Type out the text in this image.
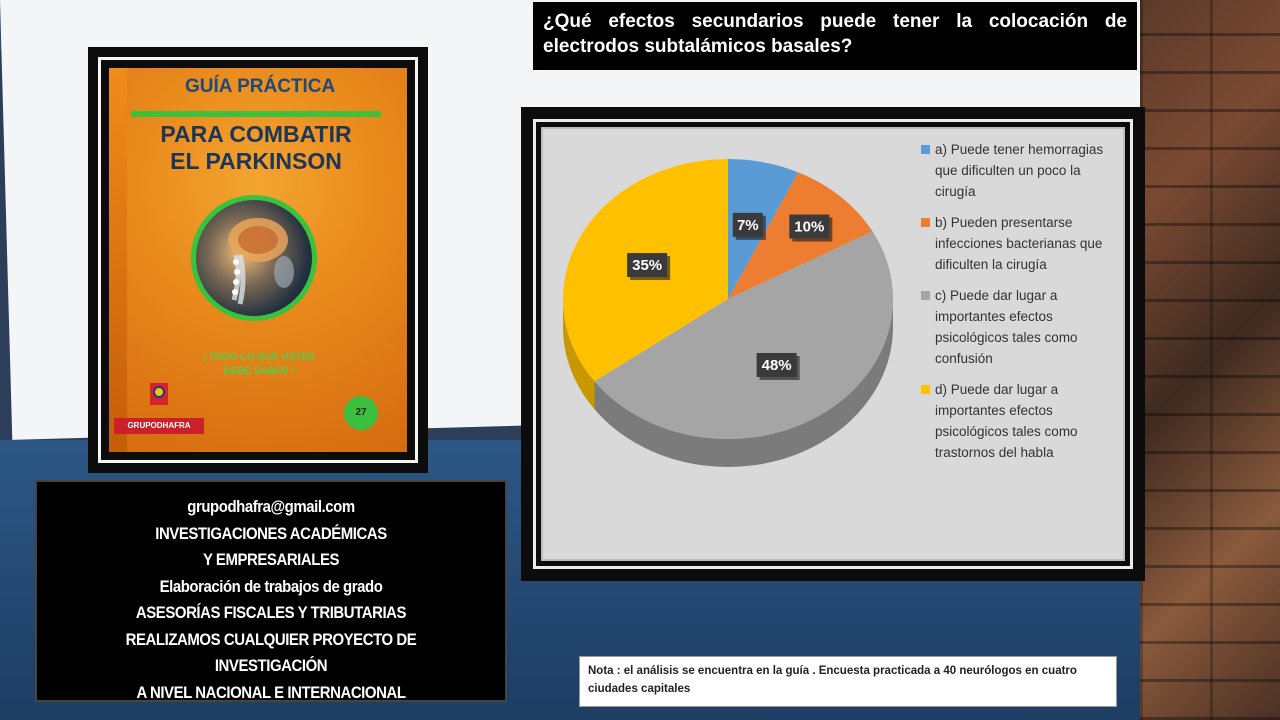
¿Qué efectos secundarios puede tener la colocación de electrodos subtalámicos basales?
GUÍA PRÁCTICA
PARA COMBATIR
EL PARKINSON
¡ TODO LO QUE USTED DEBE SABER !
GRUPODHAFRA
27
grupodhafra@gmail.com
INVESTIGACIONES ACADÉMICAS
Y EMPRESARIALES
Elaboración de trabajos de grado
ASESORÍAS FISCALES Y TRIBUTARIAS
REALIZAMOS CUALQUIER PROYECTO DE INVESTIGACIÓN
A NIVEL NACIONAL E INTERNACIONAL
7% 10%
48%
35%
a) Puede tener hemorragias que dificulten un poco la cirugía
b) Pueden presentarse infecciones bacterianas que dificulten la cirugía
c) Puede dar lugar a importantes efectos psicológicos tales como confusión
d) Puede dar lugar a importantes efectos psicológicos tales como trastornos del habla
Nota : el análisis se encuentra en la guía . Encuesta practicada a 40 neurólogos en cuatro ciudades capitales
